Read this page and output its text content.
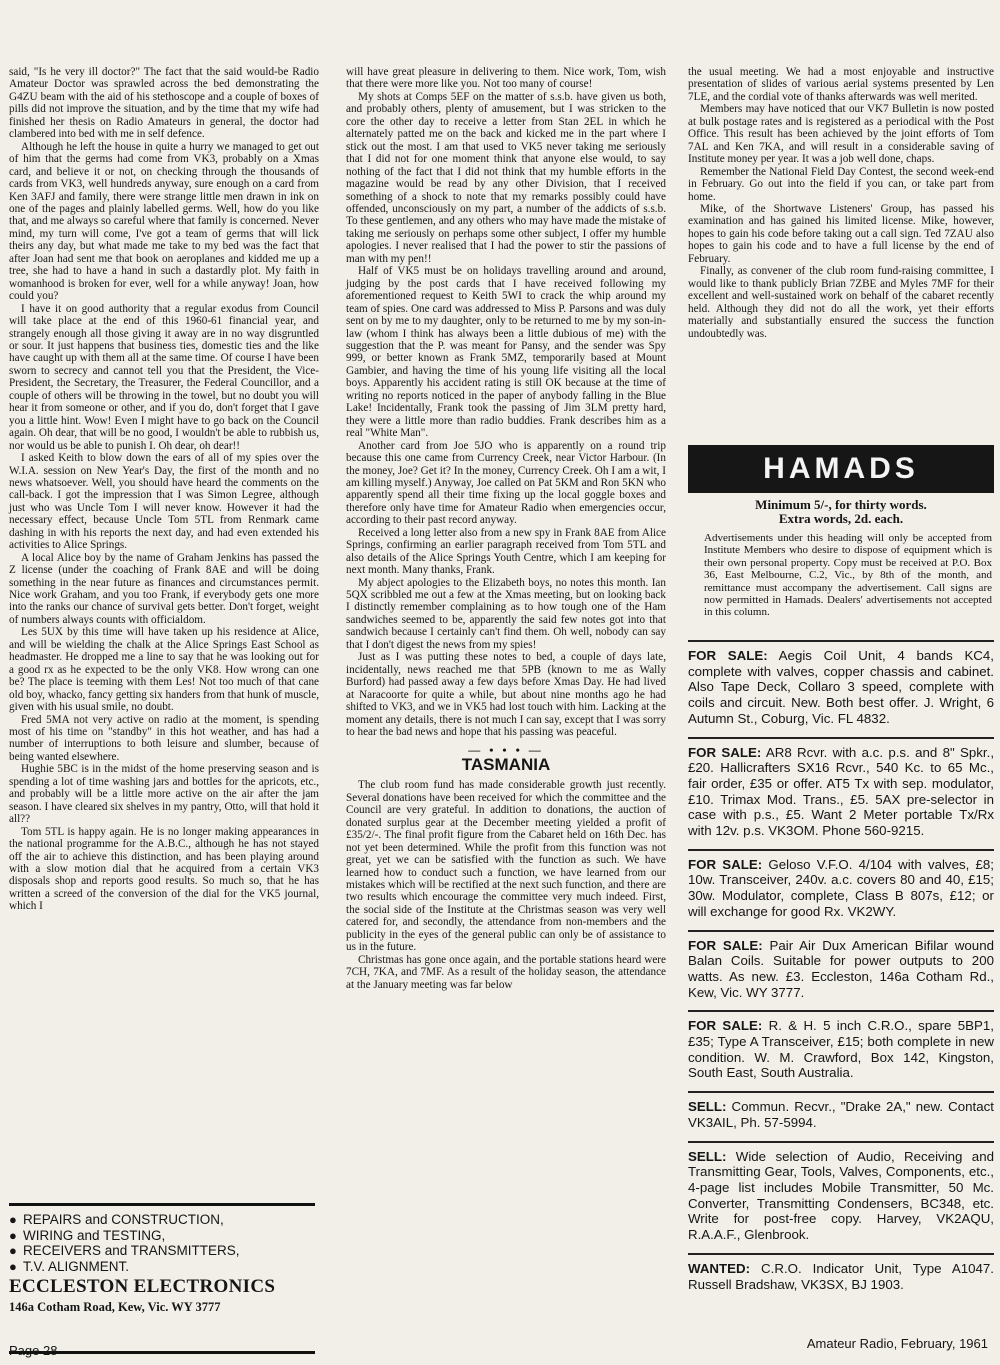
said, "Is he very ill doctor?" The fact that the said would-be Radio Amateur Doctor was sprawled across the bed demonstrating the G4ZU beam with the aid of his stethoscope and a couple of boxes of pills did not improve the situation, and by the time that my wife had finished her thesis on Radio Amateurs in general, the doctor had clambered into bed with me in self defence.

Although he left the house in quite a hurry we managed to get out of him that the germs had come from VK3, probably on a Xmas card, and believe it or not, on checking through the thousands of cards from VK3, well hundreds anyway, sure enough on a card from Ken 3AFJ and family, there were strange little men drawn in ink on one of the pages and plainly labelled germs. Well, how do you like that, and me always so careful where that family is concerned. Never mind, my turn will come, I've got a team of germs that will lick theirs any day, but what made me take to my bed was the fact that after Joan had sent me that book on aeroplanes and kidded me up a tree, she had to have a hand in such a dastardly plot. My faith in womanhood is broken for ever, well for a while anyway! Joan, how could you?

I have it on good authority that a regular exodus from Council will take place at the end of this 1960-61 financial year, and strangely enough all those giving it away are in no way disgruntled or sour. It just happens that business ties, domestic ties and the like have caught up with them all at the same time. Of course I have been sworn to secrecy and cannot tell you that the President, the Vice-President, the Secretary, the Treasurer, the Federal Councillor, and a couple of others will be throwing in the towel, but no doubt you will hear it from someone or other, and if you do, don't forget that I gave you a little hint. Wow! Even I might have to go back on the Council again. Oh dear, that will be no good, I wouldn't be able to rubbish us, nor would us be able to punish I. Oh dear, oh dear!!

I asked Keith to blow down the ears of all of my spies over the W.I.A. session on New Year's Day, the first of the month and no news whatsoever. Well, you should have heard the comments on the call-back. I got the impression that I was Simon Legree, although just who was Uncle Tom I will never know. However it had the necessary effect, because Uncle Tom 5TL from Renmark came dashing in with his reports the next day, and had even extended his activities to Alice Springs.

A local Alice boy by the name of Graham Jenkins has passed the Z license (under the coaching of Frank 8AE and will be doing something in the near future as finances and circumstances permit. Nice work Graham, and you too Frank, if everybody gets one more into the ranks our chance of survival gets better. Don't forget, weight of numbers always counts with officialdom.

Les 5UX by this time will have taken up his residence at Alice, and will be wielding the chalk at the Alice Springs East School as headmaster. He dropped me a line to say that he was looking out for a good rx as he expected to be the only VK8. How wrong can one be? The place is teeming with them Les! Not too much of that cane old boy, whacko, fancy getting six handers from that hunk of muscle, given with his usual smile, no doubt.

Fred 5MA not very active on radio at the moment, is spending most of his time on "standby" in this hot weather, and has had a number of interruptions to both leisure and slumber, because of being wanted elsewhere.

Hughie 5BC is in the midst of the home preserving season and is spending a lot of time washing jars and bottles for the apricots, etc., and probably will be a little more active on the air after the jam season. I have cleared six shelves in my pantry, Otto, will that hold it all??

Tom 5TL is happy again. He is no longer making appearances in the national programme for the A.B.C., although he has not stayed off the air to achieve this distinction, and has been playing around with a slow motion dial that he acquired from a certain VK3 disposals shop and reports good results. So much so, that he has written a screed of the conversion of the dial for the VK5 journal, which I

will have great pleasure in delivering to them. Nice work, Tom, wish that there were more like you. Not too many of course!

My shots at Comps 5EF on the matter of s.s.b. have given us both, and probably others, plenty of amusement, but I was stricken to the core the other day to receive a letter from Stan 2EL in which he alternately patted me on the back and kicked me in the part where I stick out the most. I am that used to VK5 never taking me seriously that I did not for one moment think that anyone else would, to say nothing of the fact that I did not think that my humble efforts in the magazine would be read by any other Division, that I received something of a shock to note that my remarks possibly could have offended, unconsciously on my part, a number of the addicts of s.s.b. To these gentlemen, and any others who may have made the mistake of taking me seriously on perhaps some other subject, I offer my humble apologies. I never realised that I had the power to stir the passions of man with my pen!!

Half of VK5 must be on holidays travelling around and around, judging by the post cards that I have received following my aforementioned request to Keith 5WI to crack the whip around my team of spies. One card was addressed to Miss P. Parsons and was duly sent on by me to my daughter, only to be returned to me by my son-in-law (whom I think has always been a little dubious of me) with the suggestion that the P. was meant for Pansy, and the sender was Spy 999, or better known as Frank 5MZ, temporarily based at Mount Gambier, and having the time of his young life visiting all the local boys. Apparently his accident rating is still OK because at the time of writing no reports noticed in the paper of anybody falling in the Blue Lake! Incidentally, Frank took the passing of Jim 3LM pretty hard, they were a little more than radio buddies. Frank describes him as a real "White Man".

Another card from Joe 5JO who is apparently on a round trip because this one came from Currency Creek, near Victor Harbour. (In the money, Joe? Get it? In the money, Currency Creek. Oh I am a wit, I am killing myself.) Anyway, Joe called on Pat 5KM and Ron 5KN who apparently spend all their time fixing up the local goggle boxes and therefore only have time for Amateur Radio when emergencies occur, according to their past record anyway.

Received a long letter also from a new spy in Frank 8AE from Alice Springs, confirming an earlier paragraph received from Tom 5TL and also details of the Alice Springs Youth Centre, which I am keeping for next month. Many thanks, Frank.

My abject apologies to the Elizabeth boys, no notes this month. Ian 5QX scribbled me out a few at the Xmas meeting, but on looking back I distinctly remember complaining as to how tough one of the Ham sandwiches seemed to be, apparently the said few notes got into that sandwich because I certainly can't find them. Oh well, nobody can say that I don't digest the news from my spies!

Just as I was putting these notes to bed, a couple of days late, incidentally, news reached me that 5PB (known to me as Wally Burford) had passed away a few days before Xmas Day. He had lived at Naracoorte for quite a while, but about nine months ago he had shifted to VK3, and we in VK5 had lost touch with him. Lacking at the moment any details, there is not much I can say, except that I was sorry to hear the bad news and hope that his passing was peaceful.

— • • • —
TASMANIA

The club room fund has made considerable growth just recently. Several donations have been received for which the committee and the Council are very grateful. In addition to donations, the auction of donated surplus gear at the December meeting yielded a profit of £35/2/-. The final profit figure from the Cabaret held on 16th Dec. has not yet been determined. While the profit from this function was not great, yet we can be satisfied with the function as such. We have learned how to conduct such a function, we have learned from our mistakes which will be rectified at the next such function, and there are two results which encourage the committee very much indeed. First, the social side of the Institute at the Christmas season was very well catered for, and secondly, the attendance from non-members and the publicity in the eyes of the general public can only be of assistance to us in the future.

Christmas has gone once again, and the portable stations heard were 7CH, 7KA, and 7MF. As a result of the holiday season, the attendance at the January meeting was far below

the usual meeting. We had a most enjoyable and instructive presentation of slides of various aerial systems presented by Len 7LE, and the cordial vote of thanks afterwards was well merited.

Members may have noticed that our VK7 Bulletin is now posted at bulk postage rates and is registered as a periodical with the Post Office. This result has been achieved by the joint efforts of Tom 7AL and Ken 7KA, and will result in a considerable saving of Institute money per year. It was a job well done, chaps.

Remember the National Field Day Contest, the second week-end in February. Go out into the field if you can, or take part from home.

Mike, of the Shortwave Listeners' Group, has passed his examination and has gained his limited license. Mike, however, hopes to gain his code before taking out a call sign. Ted 7ZAU also hopes to gain his code and to have a full license by the end of February.

Finally, as convener of the club room fund-raising committee, I would like to thank publicly Brian 7ZBE and Myles 7MF for their excellent and well-sustained work on behalf of the cabaret recently held. Although they did not do all the work, yet their efforts materially and substantially ensured the success the function undoubtedly was.

HAMADS
Minimum 5/-, for thirty words.
Extra words, 2d. each.
Advertisements under this heading will only be accepted from Institute Members who desire to dispose of equipment which is their own personal property. Copy must be received at P.O. Box 36, East Melbourne, C.2, Vic., by 8th of the month, and remittance must accompany the advertisement. Call signs are now permitted in Hamads. Dealers' advertisements not accepted in this column.
FOR SALE: Aegis Coil Unit, 4 bands KC4, complete with valves, copper chassis and cabinet. Also Tape Deck, Collaro 3 speed, complete with coils and circuit. New. Both best offer. J. Wright, 6 Autumn St., Coburg, Vic. FL 4832.
FOR SALE: AR8 Rcvr. with a.c. p.s. and 8" Spkr., £20. Hallicrafters SX16 Rcvr., 540 Kc. to 65 Mc., fair order, £35 or offer. AT5 Tx with sep. modulator, £10. Trimax Mod. Trans., £5. 5AX pre-selector in case with p.s., £5. Want 2 Meter portable Tx/Rx with 12v. p.s. VK3OM. Phone 560-9215.
FOR SALE: Geloso V.F.O. 4/104 with valves, £8; 10w. Transceiver, 240v. a.c. covers 80 and 40, £15; 30w. Modulator, complete, Class B 807s, £12; or will exchange for good Rx. VK2WY.
FOR SALE: Pair Air Dux American Bifilar wound Balan Coils. Suitable for power outputs to 200 watts. As new. £3. Eccleston, 146a Cotham Rd., Kew, Vic. WY 3777.
FOR SALE: R. & H. 5 inch C.R.O., spare 5BP1, £35; Type A Transceiver, £15; both complete in new condition. W. M. Crawford, Box 142, Kingston, South East, South Australia.
SELL: Commun. Recvr., "Drake 2A," new. Contact VK3AIL, Ph. 57-5994.
SELL: Wide selection of Audio, Receiving and Transmitting Gear, Tools, Valves, Components, etc., 4-page list includes Mobile Transmitter, 50 Mc. Converter, Transmitting Condensers, BC348, etc. Write for post-free copy. Harvey, VK2AQU, R.A.A.F., Glenbrook.
WANTED: C.R.O. Indicator Unit, Type A1047. Russell Bradshaw, VK3SX, BJ 1903.
● REPAIRS and CONSTRUCTION,
● WIRING and TESTING,
● RECEIVERS and TRANSMITTERS,
● T.V. ALIGNMENT.
ECCLESTON ELECTRONICS
146a Cotham Road, Kew, Vic. WY 3777
Page 28	Amateur Radio, February, 1961
